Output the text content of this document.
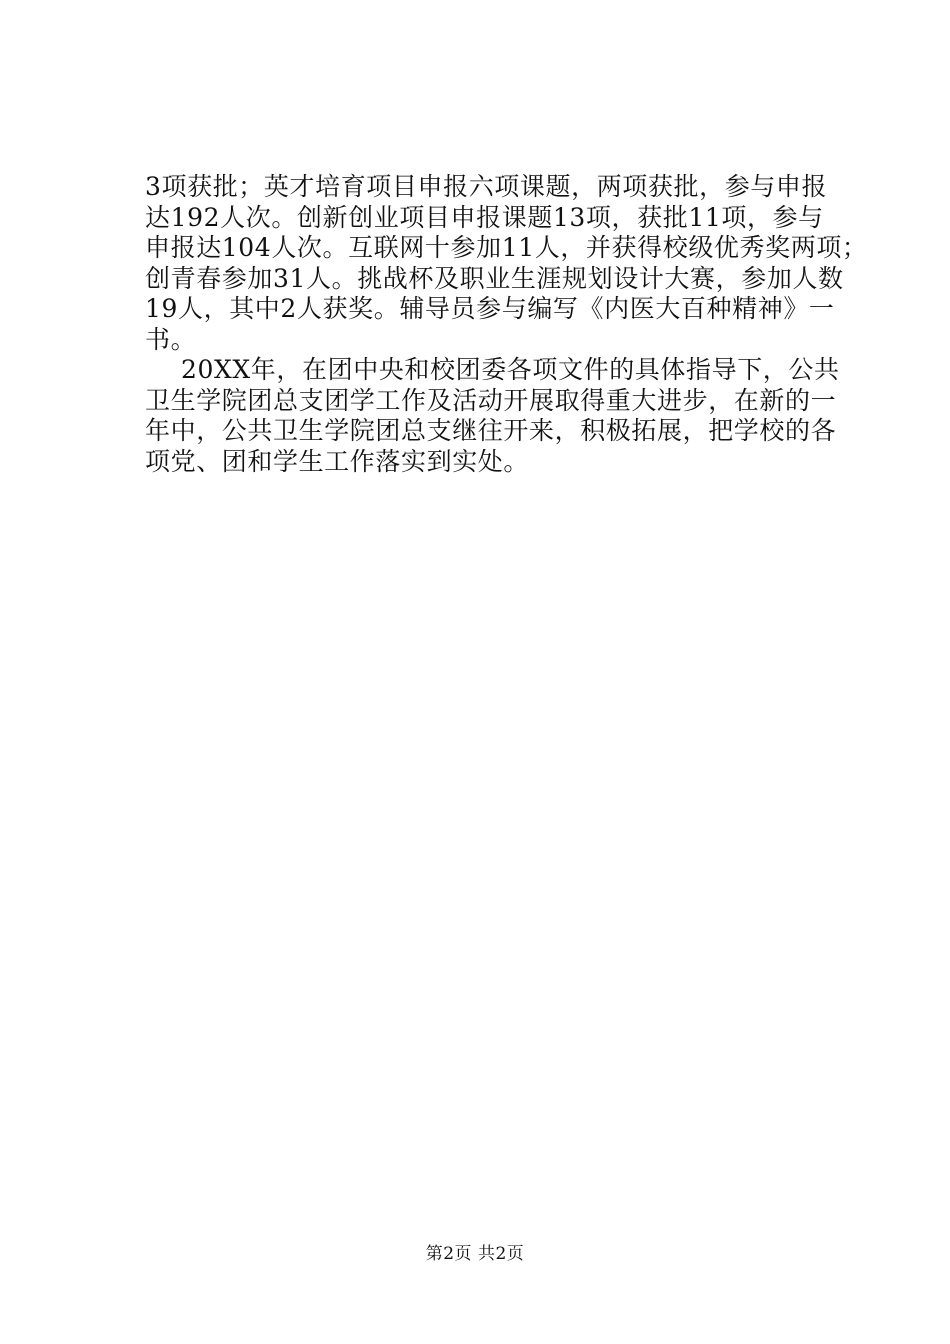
3项获批；英才培育项目申报六项课题，两项获批，参与申报
达192人次。创新创业项目申报课题13项，获批11项，参与
申报达104人次。互联网十参加11人，并获得校级优秀奖两项；
创青春参加31人。挑战杯及职业生涯规划设计大赛，参加人数
19人，其中2人获奖。辅导员参与编写《内医大百种精神》一
书。
20XX年，在团中央和校团委各项文件的具体指导下，公共
卫生学院团总支团学工作及活动开展取得重大进步，在新的一
年中，公共卫生学院团总支继往开来，积极拓展，把学校的各
项党、团和学生工作落实到实处。
第2页 共2页
